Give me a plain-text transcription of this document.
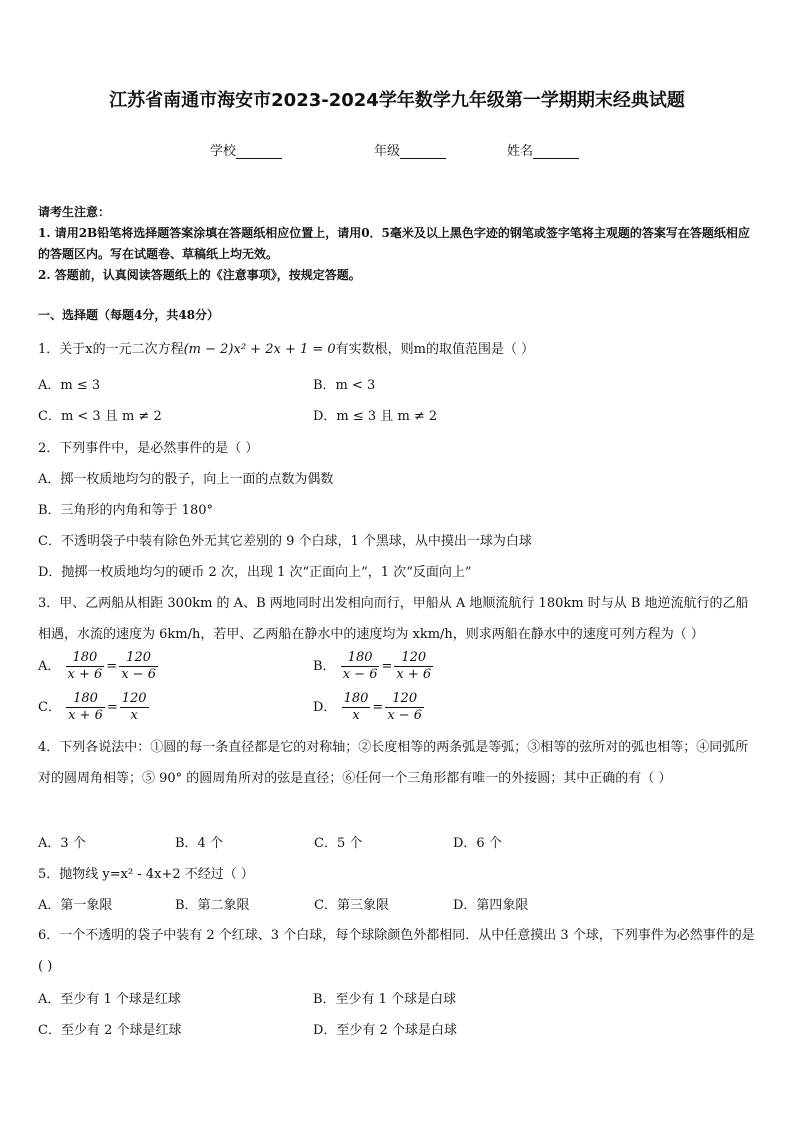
江苏省南通市海安市2023-2024学年数学九年级第一学期期末经典试题
学校	年级	姓名
请考生注意：
1. 请用2B铅笔将选择题答案涂填在答题纸相应位置上，请用0．5毫米及以上黑色字迹的钢笔或签字笔将主观题的答案写在答题纸相应的答题区内。写在试题卷、草稿纸上均无效。
2. 答题前，认真阅读答题纸上的《注意事项》，按规定答题。
一、选择题（每题4分，共48分）
1．关于x的一元二次方程(m − 2)x² + 2x + 1 = 0有实数根，则m的取值范围是（ ）
A．m ≤ 3	B．m < 3
C．m < 3 且 m ≠ 2	D．m ≤ 3 且 m ≠ 2
2．下列事件中，是必然事件的是（ ）
A．掷一枚质地均匀的骰子，向上一面的点数为偶数
B．三角形的内角和等于 180°
C．不透明袋子中装有除色外无其它差别的 9 个白球，1 个黑球，从中摸出一球为白球
D．抛掷一枚质地均匀的硬币 2 次，出现 1 次“正面向上”，1 次“反面向上”
3．甲、乙两船从相距 300km 的 A、B 两地同时出发相向而行，甲船从 A 地顺流航行 180km 时与从 B 地逆流航行的乙船相遇，水流的速度为 6km/h，若甲、乙两船在静水中的速度均为 xkm/h，则求两船在静水中的速度可列方程为（ ）
A． $\frac{180}{x + 6} = \frac{120}{x - 6}$	B． $\frac{180}{x - 6} = \frac{120}{x + 6}$
C． $\frac{180}{x + 6} = \frac{120}{x}$	D． $\frac{180}{x} = \frac{120}{x - 6}$
4．下列各说法中：①圆的每一条直径都是它的对称轴；②长度相等的两条弧是等弧；③相等的弦所对的弧也相等；④同弧所对的圆周角相等；⑤ 90° 的圆周角所对的弦是直径；⑥任何一个三角形都有唯一的外接圆；其中正确的有（ ）
A．3 个	B．4 个	C．5 个	D．6 个
5．抛物线 y=x² - 4x+2 不经过（ ）
A．第一象限	B．第二象限	C．第三象限	D．第四象限
6．一个不透明的袋子中装有 2 个红球、3 个白球，每个球除颜色外都相同．从中任意摸出 3 个球，下列事件为必然事件的是( )
A．至少有 1 个球是红球	B．至少有 1 个球是白球
C．至少有 2 个球是红球	D．至少有 2 个球是白球
